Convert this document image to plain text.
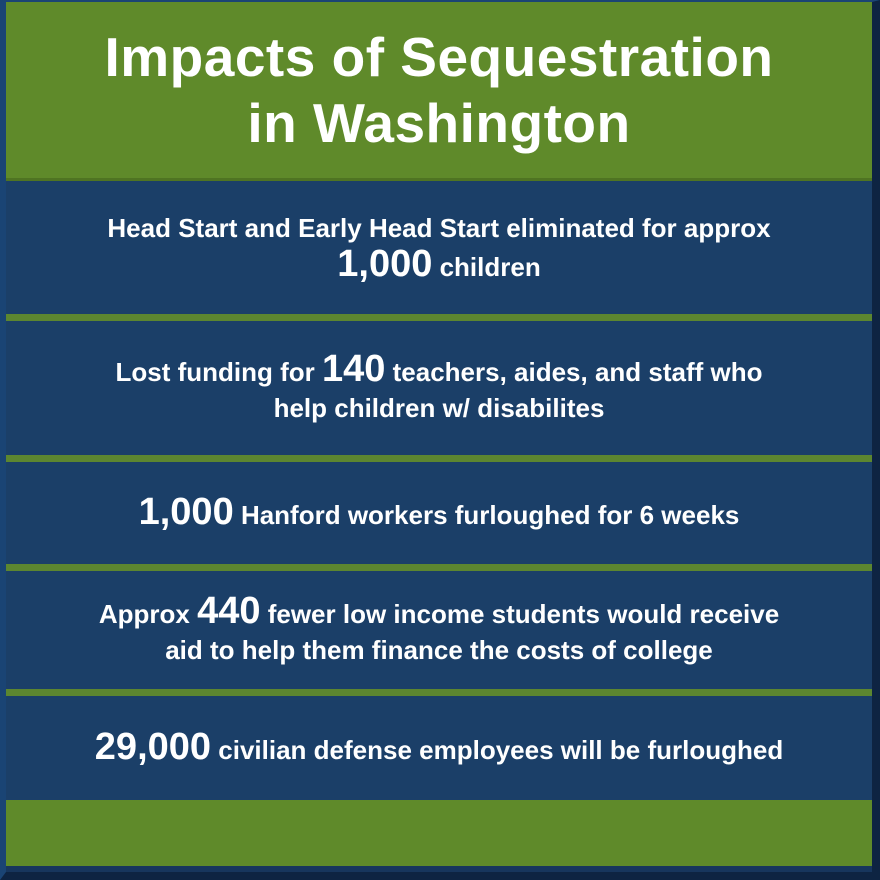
Impacts of Sequestration
in Washington

Head Start and Early Head Start eliminated for approx
1,000 children

Lost funding for 140 teachers, aides, and staff who
help children w/ disabilites

1,000 Hanford workers furloughed for 6 weeks

Approx 440 fewer low income students would receive
aid to help them finance the costs of college

29,000 civilian defense employees will be furloughed
